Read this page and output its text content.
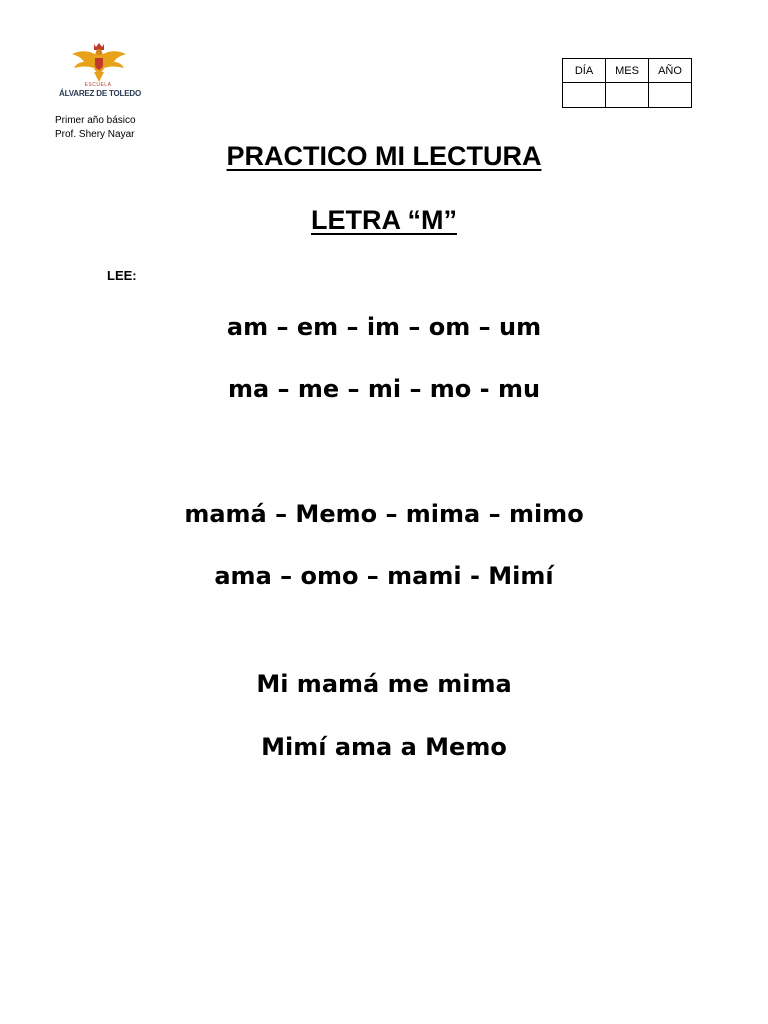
ESCUELA
ÁLVAREZ DE TOLEDO
Primer año básico
Prof. Shery Nayar
DÍA	MES	AÑO

PRACTICO MI LECTURA
LETRA “M”
LEE:
am – em – im – om – um
ma – me – mi – mo - mu
mamá – Memo – mima – mimo
ama – omo – mami - Mimí
Mi mamá me mima
Mimí ama a Memo
